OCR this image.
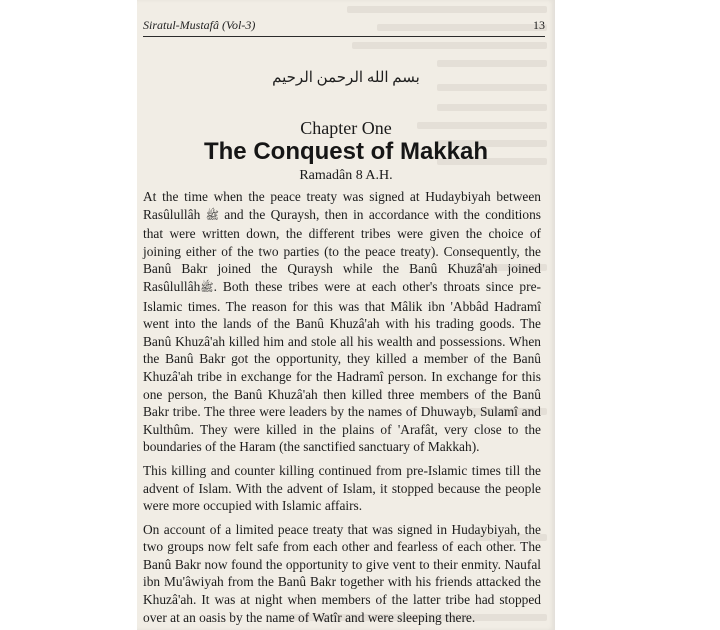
Siratul-Mustafâ (Vol-3)	13
بسم الله الرحمن الرحيم
Chapter One
The Conquest of Makkah
Ramadân 8 A.H.

At the time when the peace treaty was signed at Hudaybiyah between Rasûlullâh ﷺ and the Quraysh, then in accordance with the conditions that were written down, the different tribes were given the choice of joining either of the two parties (to the peace treaty). Consequently, the Banû Bakr joined the Quraysh while the Banû Khuzâ'ah joined Rasûlullâhﷺ. Both these tribes were at each other's throats since pre-Islamic times. The reason for this was that Mâlik ibn 'Abbâd Hadramî went into the lands of the Banû Khuzâ'ah with his trading goods. The Banû Khuzâ'ah killed him and stole all his wealth and possessions. When the Banû Bakr got the opportunity, they killed a member of the Banû Khuzâ'ah tribe in exchange for the Hadramî person. In exchange for this one person, the Banû Khuzâ'ah then killed three members of the Banû Bakr tribe. The three were leaders by the names of Dhuwayb, Sulamî and Kulthûm. They were killed in the plains of 'Arafât, very close to the boundaries of the Haram (the sanctified sanctuary of Makkah).

This killing and counter killing continued from pre-Islamic times till the advent of Islam. With the advent of Islam, it stopped because the people were more occupied with Islamic affairs.

On account of a limited peace treaty that was signed in Hudaybiyah, the two groups now felt safe from each other and fearless of each other. The Banû Bakr now found the opportunity to give vent to their enmity. Naufal ibn Mu'âwiyah from the Banû Bakr together with his friends attacked the Khuzâ'ah. It was at night when members of the latter tribe had stopped over at an oasis by the name of Watîr and were sleeping there.
